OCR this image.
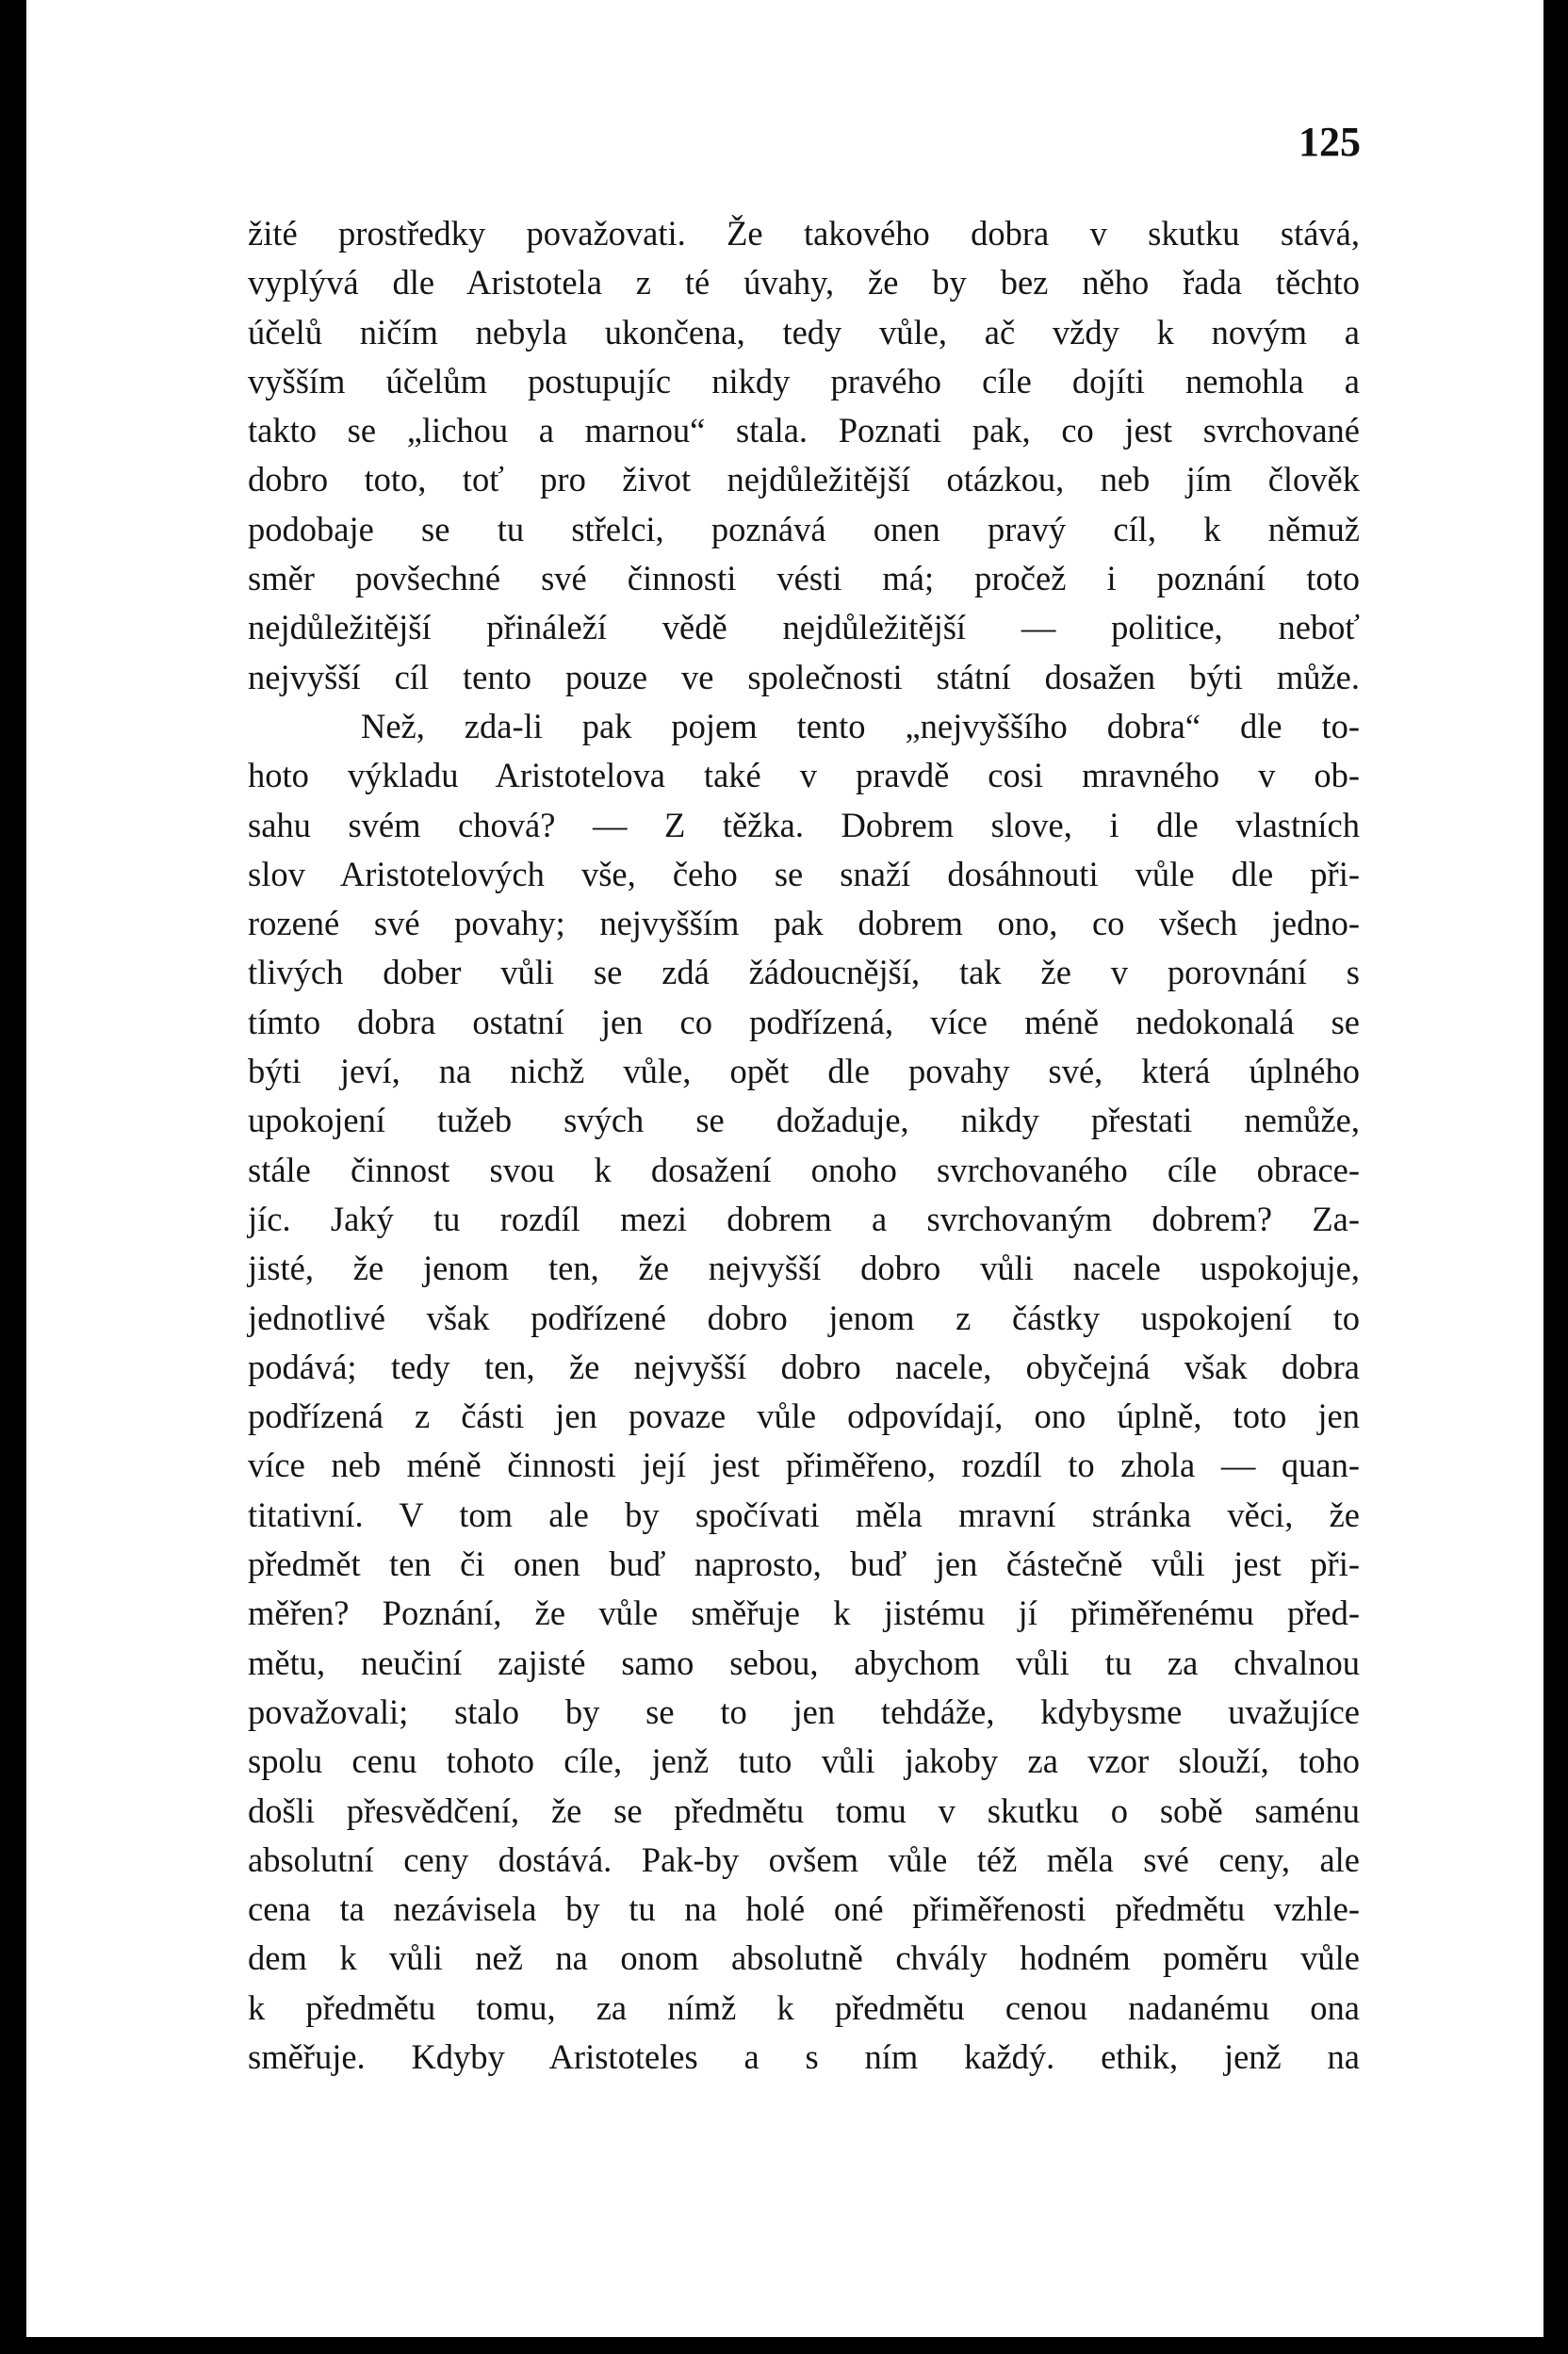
125
žité prostředky považovati. Že takového dobra v skutku stává,
vyplývá dle Aristotela z té úvahy, že by bez něho řada těchto
účelů ničím nebyla ukončena, tedy vůle, ač vždy k novým a
vyšším účelům postupujíc nikdy pravého cíle dojíti nemohla a
takto se „lichou a marnou“ stala. Poznati pak, co jest svrchované
dobro toto, toť pro život nejdůležitější otázkou, neb jím člověk
podobaje se tu střelci, poznává onen pravý cíl, k němuž
směr povšechné své činnosti vésti má; pročež i poznání toto
nejdůležitější přináleží vědě nejdůležitější — politice, neboť
nejvyšší cíl tento pouze ve společnosti státní dosažen býti může.
Než, zda-li pak pojem tento „nejvyššího dobra“ dle to-
hoto výkladu Aristotelova také v pravdě cosi mravného v ob-
sahu svém chová? — Z těžka. Dobrem slove, i dle vlastních
slov Aristotelových vše, čeho se snaží dosáhnouti vůle dle při-
rozené své povahy; nejvyšším pak dobrem ono, co všech jedno-
tlivých dober vůli se zdá žádoucnější, tak že v porovnání s
tímto dobra ostatní jen co podřízená, více méně nedokonalá se
býti jeví, na nichž vůle, opět dle povahy své, která úplného
upokojení tužeb svých se dožaduje, nikdy přestati nemůže,
stále činnost svou k dosažení onoho svrchovaného cíle obrace-
jíc. Jaký tu rozdíl mezi dobrem a svrchovaným dobrem? Za-
jisté, že jenom ten, že nejvyšší dobro vůli nacele uspokojuje,
jednotlivé však podřízené dobro jenom z částky uspokojení to
podává; tedy ten, že nejvyšší dobro nacele, obyčejná však dobra
podřízená z části jen povaze vůle odpovídají, ono úplně, toto jen
více neb méně činnosti její jest přiměřeno, rozdíl to zhola — quan-
titativní. V tom ale by spočívati měla mravní stránka věci, že
předmět ten či onen buď naprosto, buď jen částečně vůli jest při-
měřen? Poznání, že vůle směřuje k jistému jí přiměřenému před-
mětu, neučiní zajisté samo sebou, abychom vůli tu za chvalnou
považovali; stalo by se to jen tehdáže, kdybysme uvažujíce
spolu cenu tohoto cíle, jenž tuto vůli jakoby za vzor slouží, toho
došli přesvědčení, že se předmětu tomu v skutku o sobě saménu
absolutní ceny dostává. Pak-by ovšem vůle též měla své ceny, ale
cena ta nezávisela by tu na holé oné přiměřenosti předmětu vzhle-
dem k vůli než na onom absolutně chvály hodném poměru vůle
k předmětu tomu, za nímž k předmětu cenou nadanému ona
směřuje. Kdyby Aristoteles a s ním každý. ethik, jenž na
